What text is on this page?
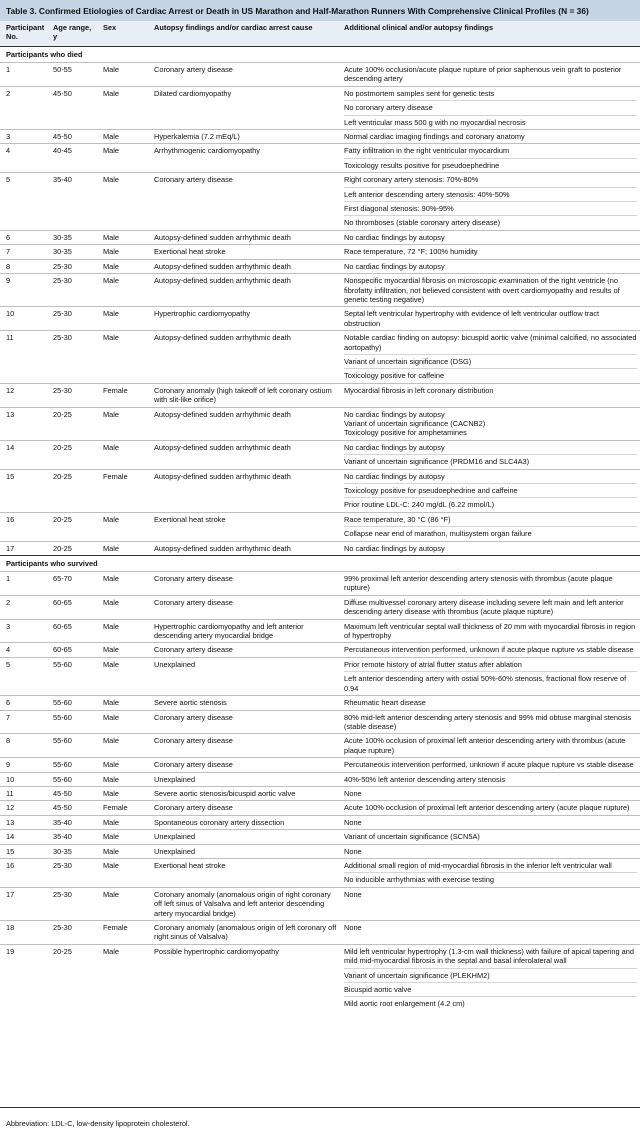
Table 3. Confirmed Etiologies of Cardiac Arrest or Death in US Marathon and Half-Marathon Runners With Comprehensive Clinical Profiles (N = 36)
Participant No.	Age range, y	Sex	Autopsy findings and/or cardiac arrest cause	Additional clinical and/or autopsy findings
Participants who died				
1	50-55	Male	Coronary artery disease	Acute 100% occlusion/acute plaque rupture of prior saphenous vein graft to posterior descending artery

2	45-50	Male	Dilated cardiomyopathy	No postmortem samples sent for genetic tests
No coronary artery disease
Left ventricular mass 500 g with no myocardial necrosis

3	45-50	Male	Hyperkalemia (7.2 mEq/L)	Normal cardiac imaging findings and coronary anatomy

4	40-45	Male	Arrhythmogenic cardiomyopathy	Fatty infiltration in the right ventricular myocardium
Toxicology results positive for pseudoephedrine

5	35-40	Male	Coronary artery disease	Right coronary artery stenosis: 70%-80%
Left anterior descending artery stenosis: 40%-50%
First diagonal stenosis: 90%-95%
No thromboses (stable coronary artery disease)

6	30-35	Male	Autopsy-defined sudden arrhythmic death	No cardiac findings by autopsy

7	30-35	Male	Exertional heat stroke	Race temperature, 72 °F; 100% humidity

8	25-30	Male	Autopsy-defined sudden arrhythmic death	No cardiac findings by autopsy

9	25-30	Male	Autopsy-defined sudden arrhythmic death	Nonspecific myocardial fibrosis on microscopic examination of the right ventricle (no fibrofatty infiltration, not believed consistent with overt cardiomyopathy and results of genetic testing negative)

10	25-30	Male	Hypertrophic cardiomyopathy	Septal left ventricular hypertrophy with evidence of left ventricular outflow tract obstruction

11	25-30	Male	Autopsy-defined sudden arrhythmic death	Notable cardiac finding on autopsy: bicuspid aortic valve (minimal calcified, no associated aortopathy)
Variant of uncertain significance (DSG)
Toxicology positive for caffeine

12	25-30	Female	Coronary anomaly (high takeoff of left coronary ostium with slit-like orifice)	Myocardial fibrosis in left coronary distribution

13	20-25	Male	Autopsy-defined sudden arrhythmic death	No cardiac findings by autopsy
Variant of uncertain significance (CACNB2)
Toxicology positive for amphetamines

14	20-25	Male	Autopsy-defined sudden arrhythmic death	No cardiac findings by autopsy
Variant of uncertain significance (PRDM16 and SLC4A3)

15	20-25	Female	Autopsy-defined sudden arrhythmic death	No cardiac findings by autopsy
Toxicology positive for pseudoephedrine and caffeine
Prior routine LDL-C: 240 mg/dL (6.22 mmol/L)

16	20-25	Male	Exertional heat stroke	Race temperature, 30 °C (86 °F)
Collapse near end of marathon, multisystem organ failure

17	20-25	Male	Autopsy-defined sudden arrhythmic death	No cardiac findings by autopsy

Participants who survived				
1	65-70	Male	Coronary artery disease	99% proximal left anterior descending artery stenosis with thrombus (acute plaque rupture)

2	60-65	Male	Coronary artery disease	Diffuse multivessel coronary artery disease including severe left main and left anterior descending artery disease with thrombus (acute plaque rupture)

3	60-65	Male	Hypertrophic cardiomyopathy and left anterior descending artery myocardial bridge	Maximum left ventricular septal wall thickness of 20 mm with myocardial fibrosis in region of hypertrophy

4	60-65	Male	Coronary artery disease	Percutaneous intervention performed, unknown if acute plaque rupture vs stable disease

5	55-60	Male	Unexplained	Prior remote history of atrial flutter status after ablation
Left anterior descending artery with ostial 50%-60% stenosis, fractional flow reserve of 0.94

6	55-60	Male	Severe aortic stenosis	Rheumatic heart disease

7	55-60	Male	Coronary artery disease	80% mid-left anterior descending artery stenosis and 99% mid obtuse marginal stenosis (stable disease)

8	55-60	Male	Coronary artery disease	Acute 100% occlusion of proximal left anterior descending artery with thrombus (acute plaque rupture)

9	55-60	Male	Coronary artery disease	Percutaneous intervention performed, unknown if acute plaque rupture vs stable disease

10	55-60	Male	Unexplained	40%-50% left anterior descending artery stenosis

11	45-50	Male	Severe aortic stenosis/bicuspid aortic valve	None

12	45-50	Female	Coronary artery disease	Acute 100% occlusion of proximal left anterior descending artery (acute plaque rupture)

13	35-40	Male	Spontaneous coronary artery dissection	None

14	35-40	Male	Unexplained	Variant of uncertain significance (SCN5A)

15	30-35	Male	Unexplained	None

16	25-30	Male	Exertional heat stroke	Additional small region of mid-myocardial fibrosis in the inferior left ventricular wall
No inducible arrhythmias with exercise testing

17	25-30	Male	Coronary anomaly (anomalous origin of right coronary off left sinus of Valsalva and left anterior descending artery myocardial bridge)	None

18	25-30	Female	Coronary anomaly (anomalous origin of left coronary off right sinus of Valsalva)	None

19	20-25	Male	Possible hypertrophic cardiomyopathy	Mild left ventricular hypertrophy (1.3-cm wall thickness) with failure of apical tapering and mild mid-myocardial fibrosis in the septal and basal inferolateral wall
Variant of uncertain significance (PLEKHM2)
Bicuspid aortic valve
Mild aortic root enlargement (4.2 cm)
Abbreviation: LDL-C, low-density lipoprotein cholesterol.
